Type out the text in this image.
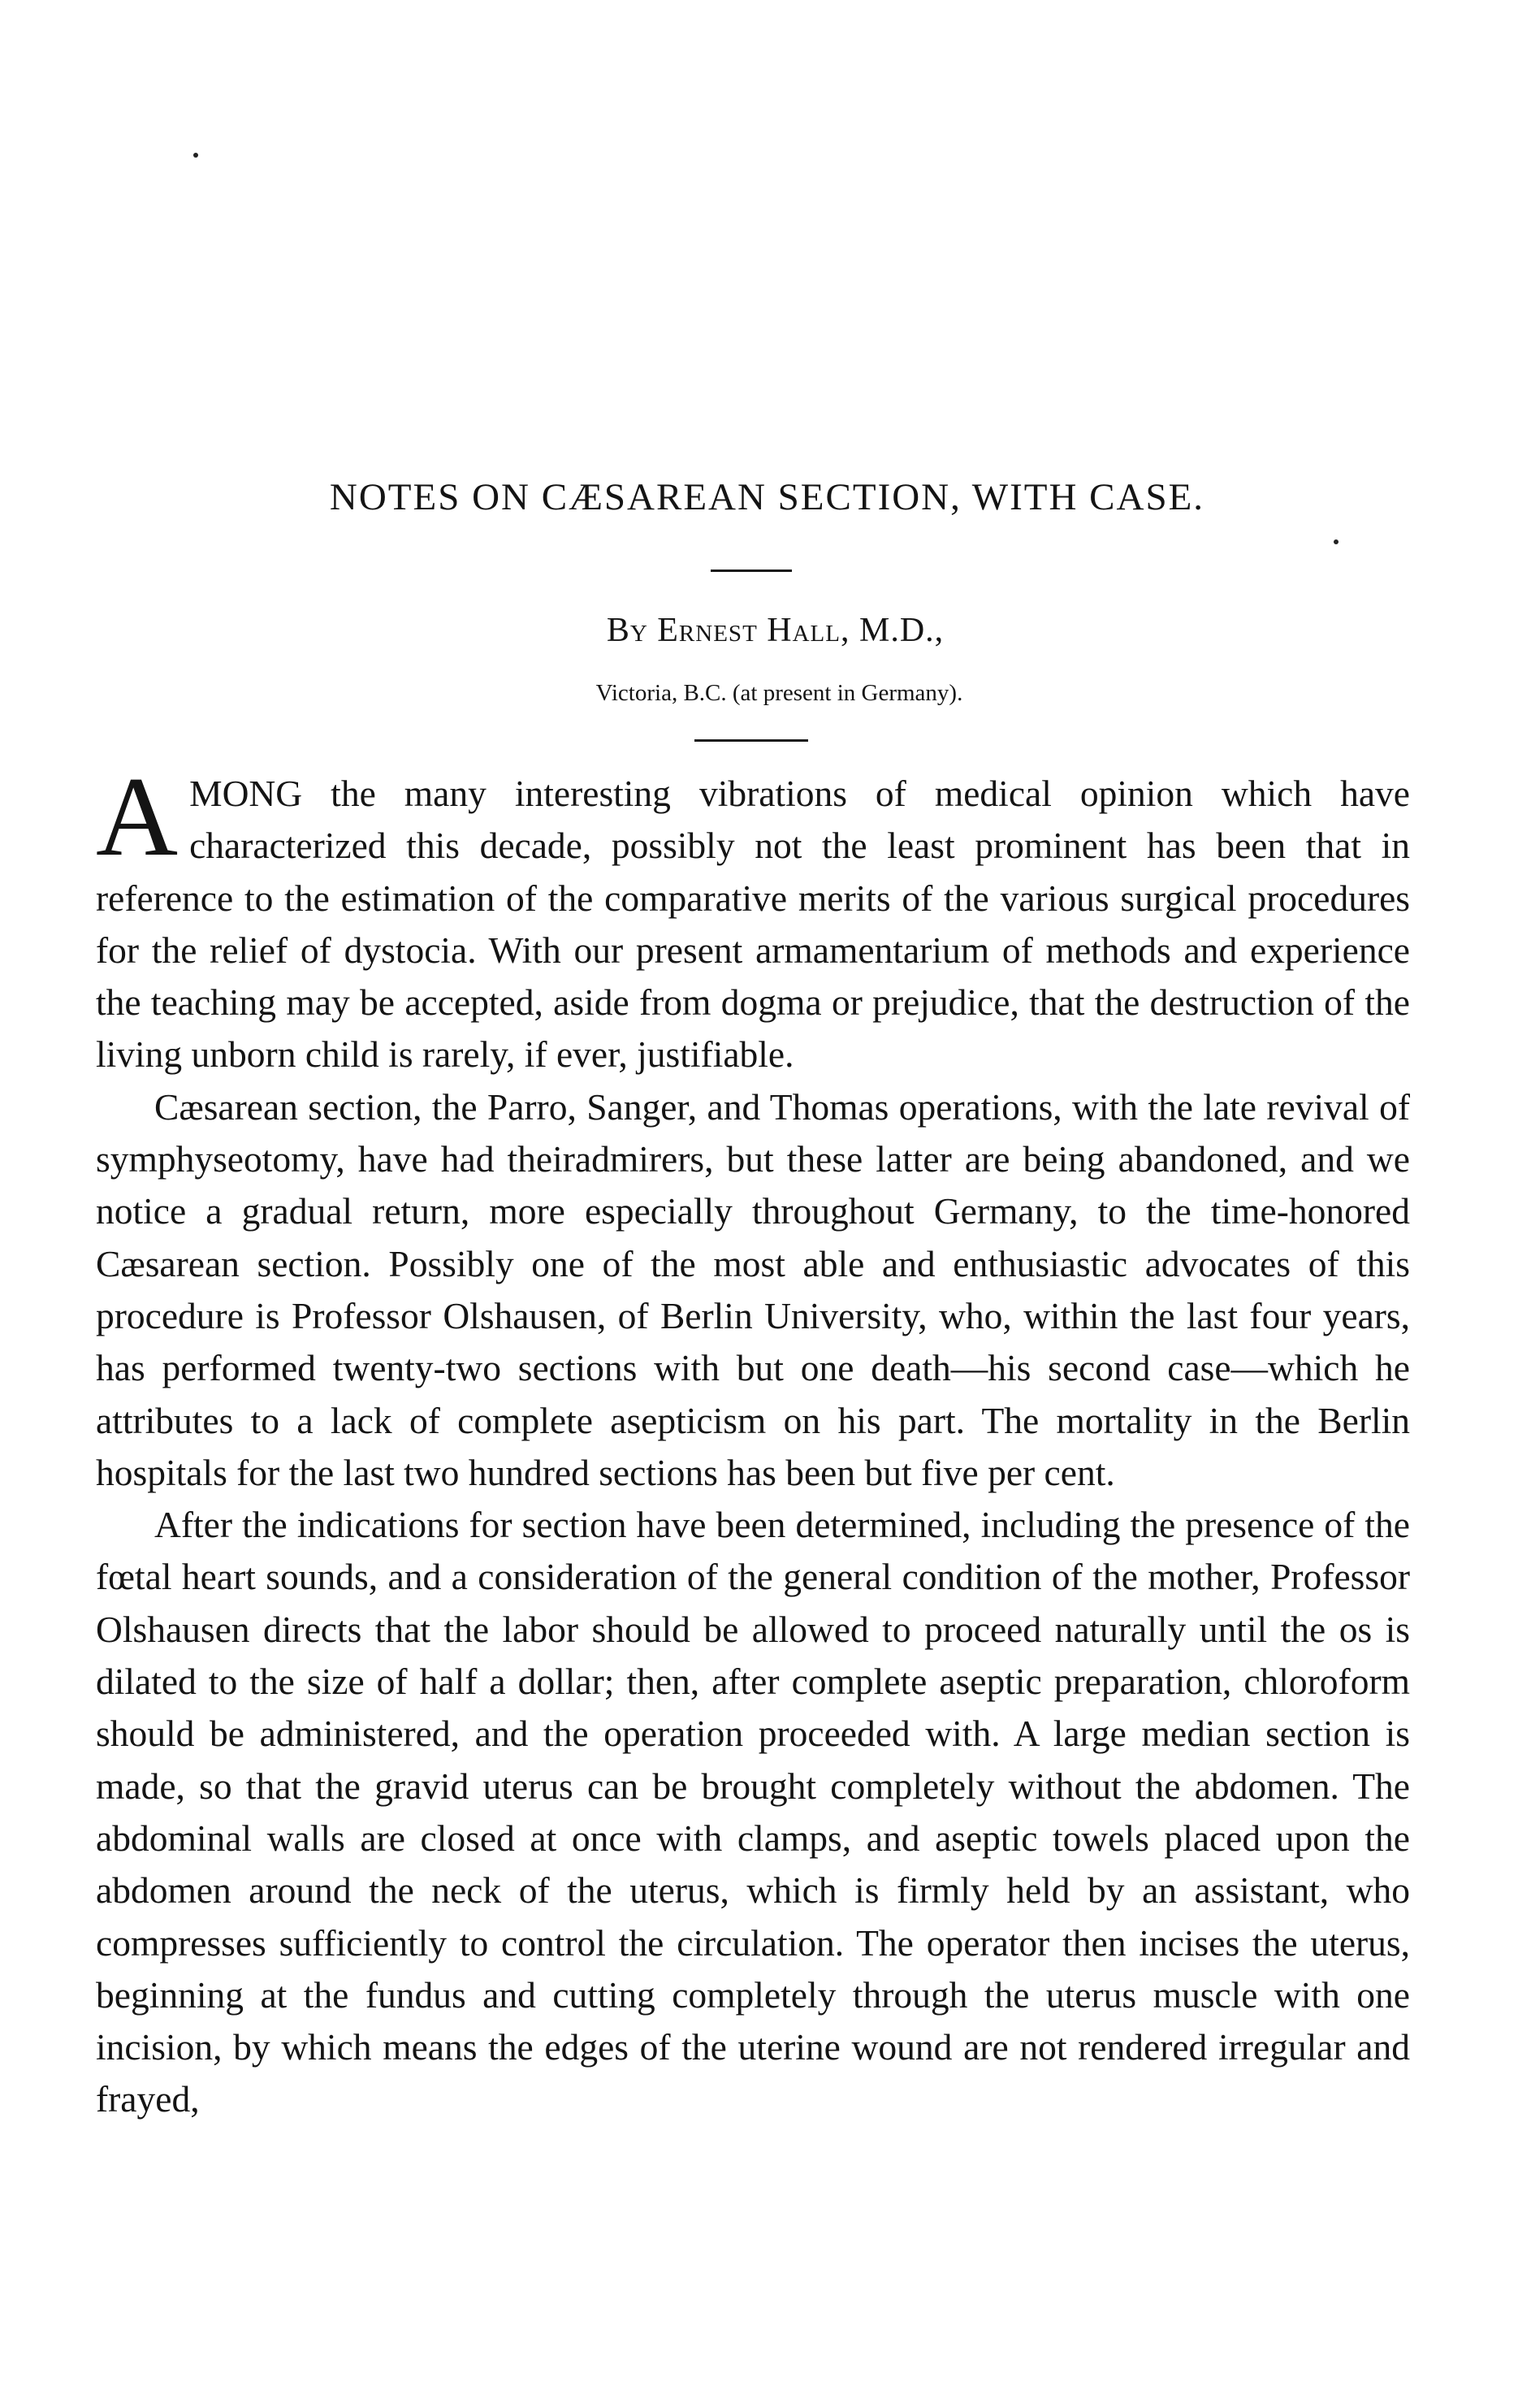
NOTES ON CÆSAREAN SECTION, WITH CASE.
By Ernest Hall, M.D.,
Victoria, B.C. (at present in Germany).

AMONG the many interesting vibrations of medical opinion which have characterized this decade, possibly not the least prominent has been that in reference to the estimation of the comparative merits of the various surgical procedures for the relief of dystocia. With our present armamentarium of methods and experience the teaching may be accepted, aside from dogma or prejudice, that the destruction of the living unborn child is rarely, if ever, justifiable.

Cæsarean section, the Parro, Sanger, and Thomas operations, with the late revival of symphyseotomy, have had theiradmirers, but these latter are being abandoned, and we notice a gradual return, more especially throughout Germany, to the time-honored Cæsarean section. Possibly one of the most able and enthusiastic advocates of this procedure is Professor Olshausen, of Berlin University, who, within the last four years, has performed twenty-two sections with but one death—his second case—which he attributes to a lack of complete asepticism on his part. The mortality in the Berlin hospitals for the last two hundred sections has been but five per cent.

After the indications for section have been determined, including the presence of the fœtal heart sounds, and a consideration of the general condition of the mother, Professor Olshausen directs that the labor should be allowed to proceed naturally until the os is dilated to the size of half a dollar; then, after complete aseptic preparation, chloroform should be administered, and the operation proceeded with. A large median section is made, so that the gravid uterus can be brought completely without the abdomen. The abdominal walls are closed at once with clamps, and aseptic towels placed upon the abdomen around the neck of the uterus, which is firmly held by an assistant, who compresses sufficiently to control the circulation. The operator then incises the uterus, beginning at the fundus and cutting completely through the uterus muscle with one incision, by which means the edges of the uterine wound are not rendered irregular and frayed,
